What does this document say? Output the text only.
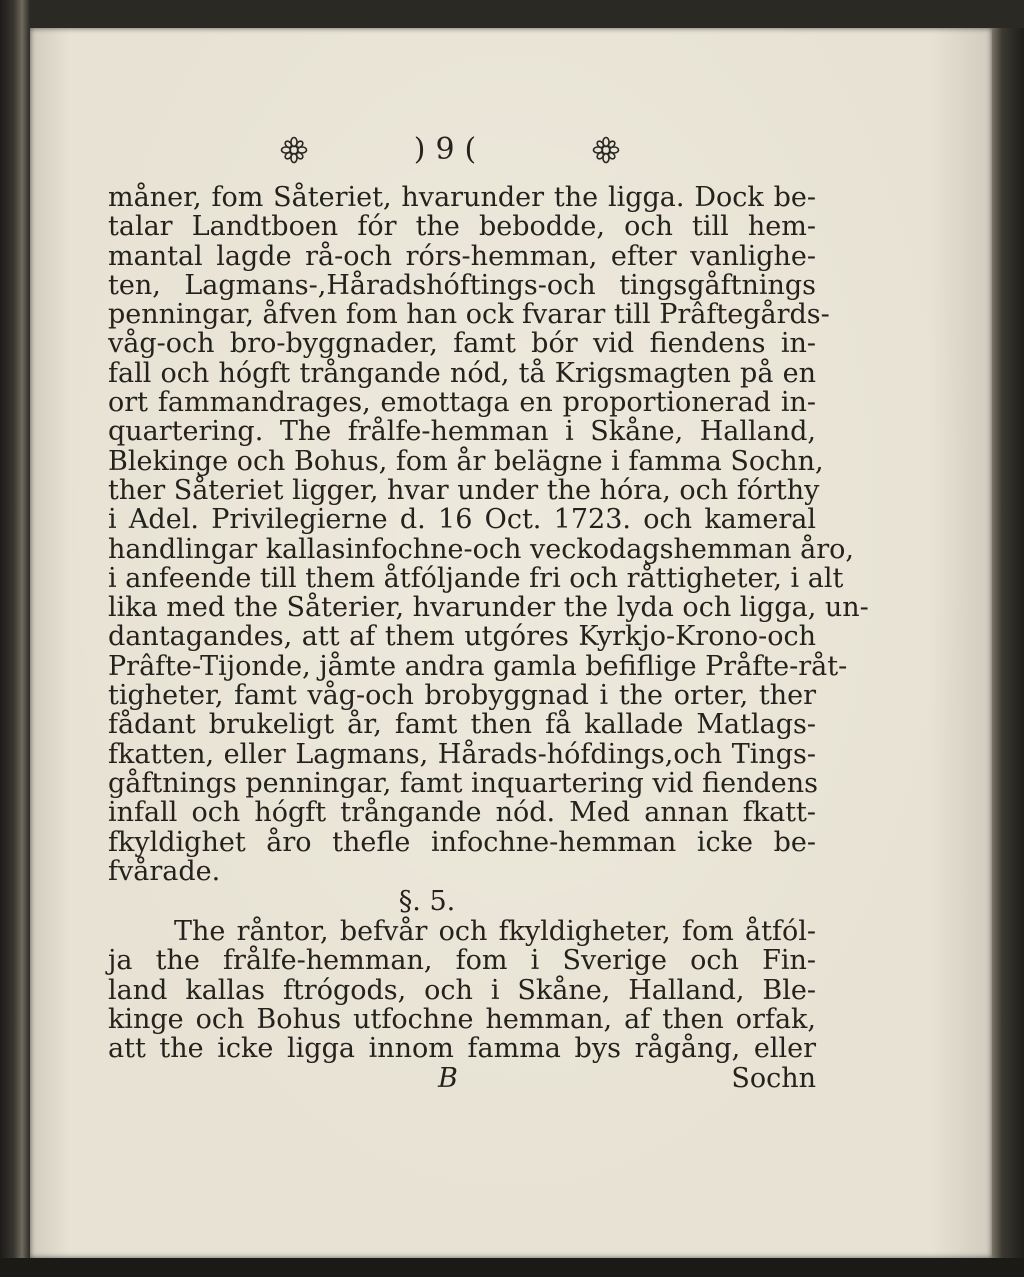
)9(
måner, fom Såteriet, hvarunder the ligga. Dock be-
talar Landtboen fór the bebodde, och till hem-
mantal lagde rå-och rórs-hemman, efter vanlighe-
ten, Lagmans-,Håradshóftings-och tingsgåftnings
penningar, åfven fom han ock fvarar till Prâftegårds-
våg-och bro-byggnader, famt bór vid fiendens in-
fall och hógft trångande nód, tå Krigsmagten på en
ort fammandrages, emottaga en proportionerad in-
quartering. The frålfe-hemman i Skåne, Halland,
Blekinge och Bohus, fom år belägne i famma Sochn,
ther Såteriet ligger, hvar under the hóra, och fórthy
i Adel. Privilegierne d. 16 Oct. 1723. och kameral
handlingar kallasinfochne-och veckodagshemman åro,
i anfeende till them åtfóljande fri och råttigheter, i alt
lika med the Såterier, hvarunder the lyda och ligga, un-
dantagandes, att af them utgóres Kyrkjo-Krono-och
Prâfte-Tijonde, jåmte andra gamla befiflige Pråfte-råt-
tigheter, famt våg-och brobyggnad i the orter, ther
fådant brukeligt år, famt then få kallade Matlags-
fkatten, eller Lagmans, Hårads-hófdings,och Tings-
gåftnings penningar, famt inquartering vid fiendens
infall och hógft trångande nód. Med annan fkatt-
fkyldighet åro thefle infochne-hemman icke be-
fvårade.
§. 5.
The råntor, befvår och fkyldigheter, fom åtfól-
ja the frålfe-hemman, fom i Sverige och Fin-
land kallas ftrógods, och i Skåne, Halland, Ble-
kinge och Bohus utfochne hemman, af then orfak,
att the icke ligga innom famma bys rågång, eller
B	Sochn
